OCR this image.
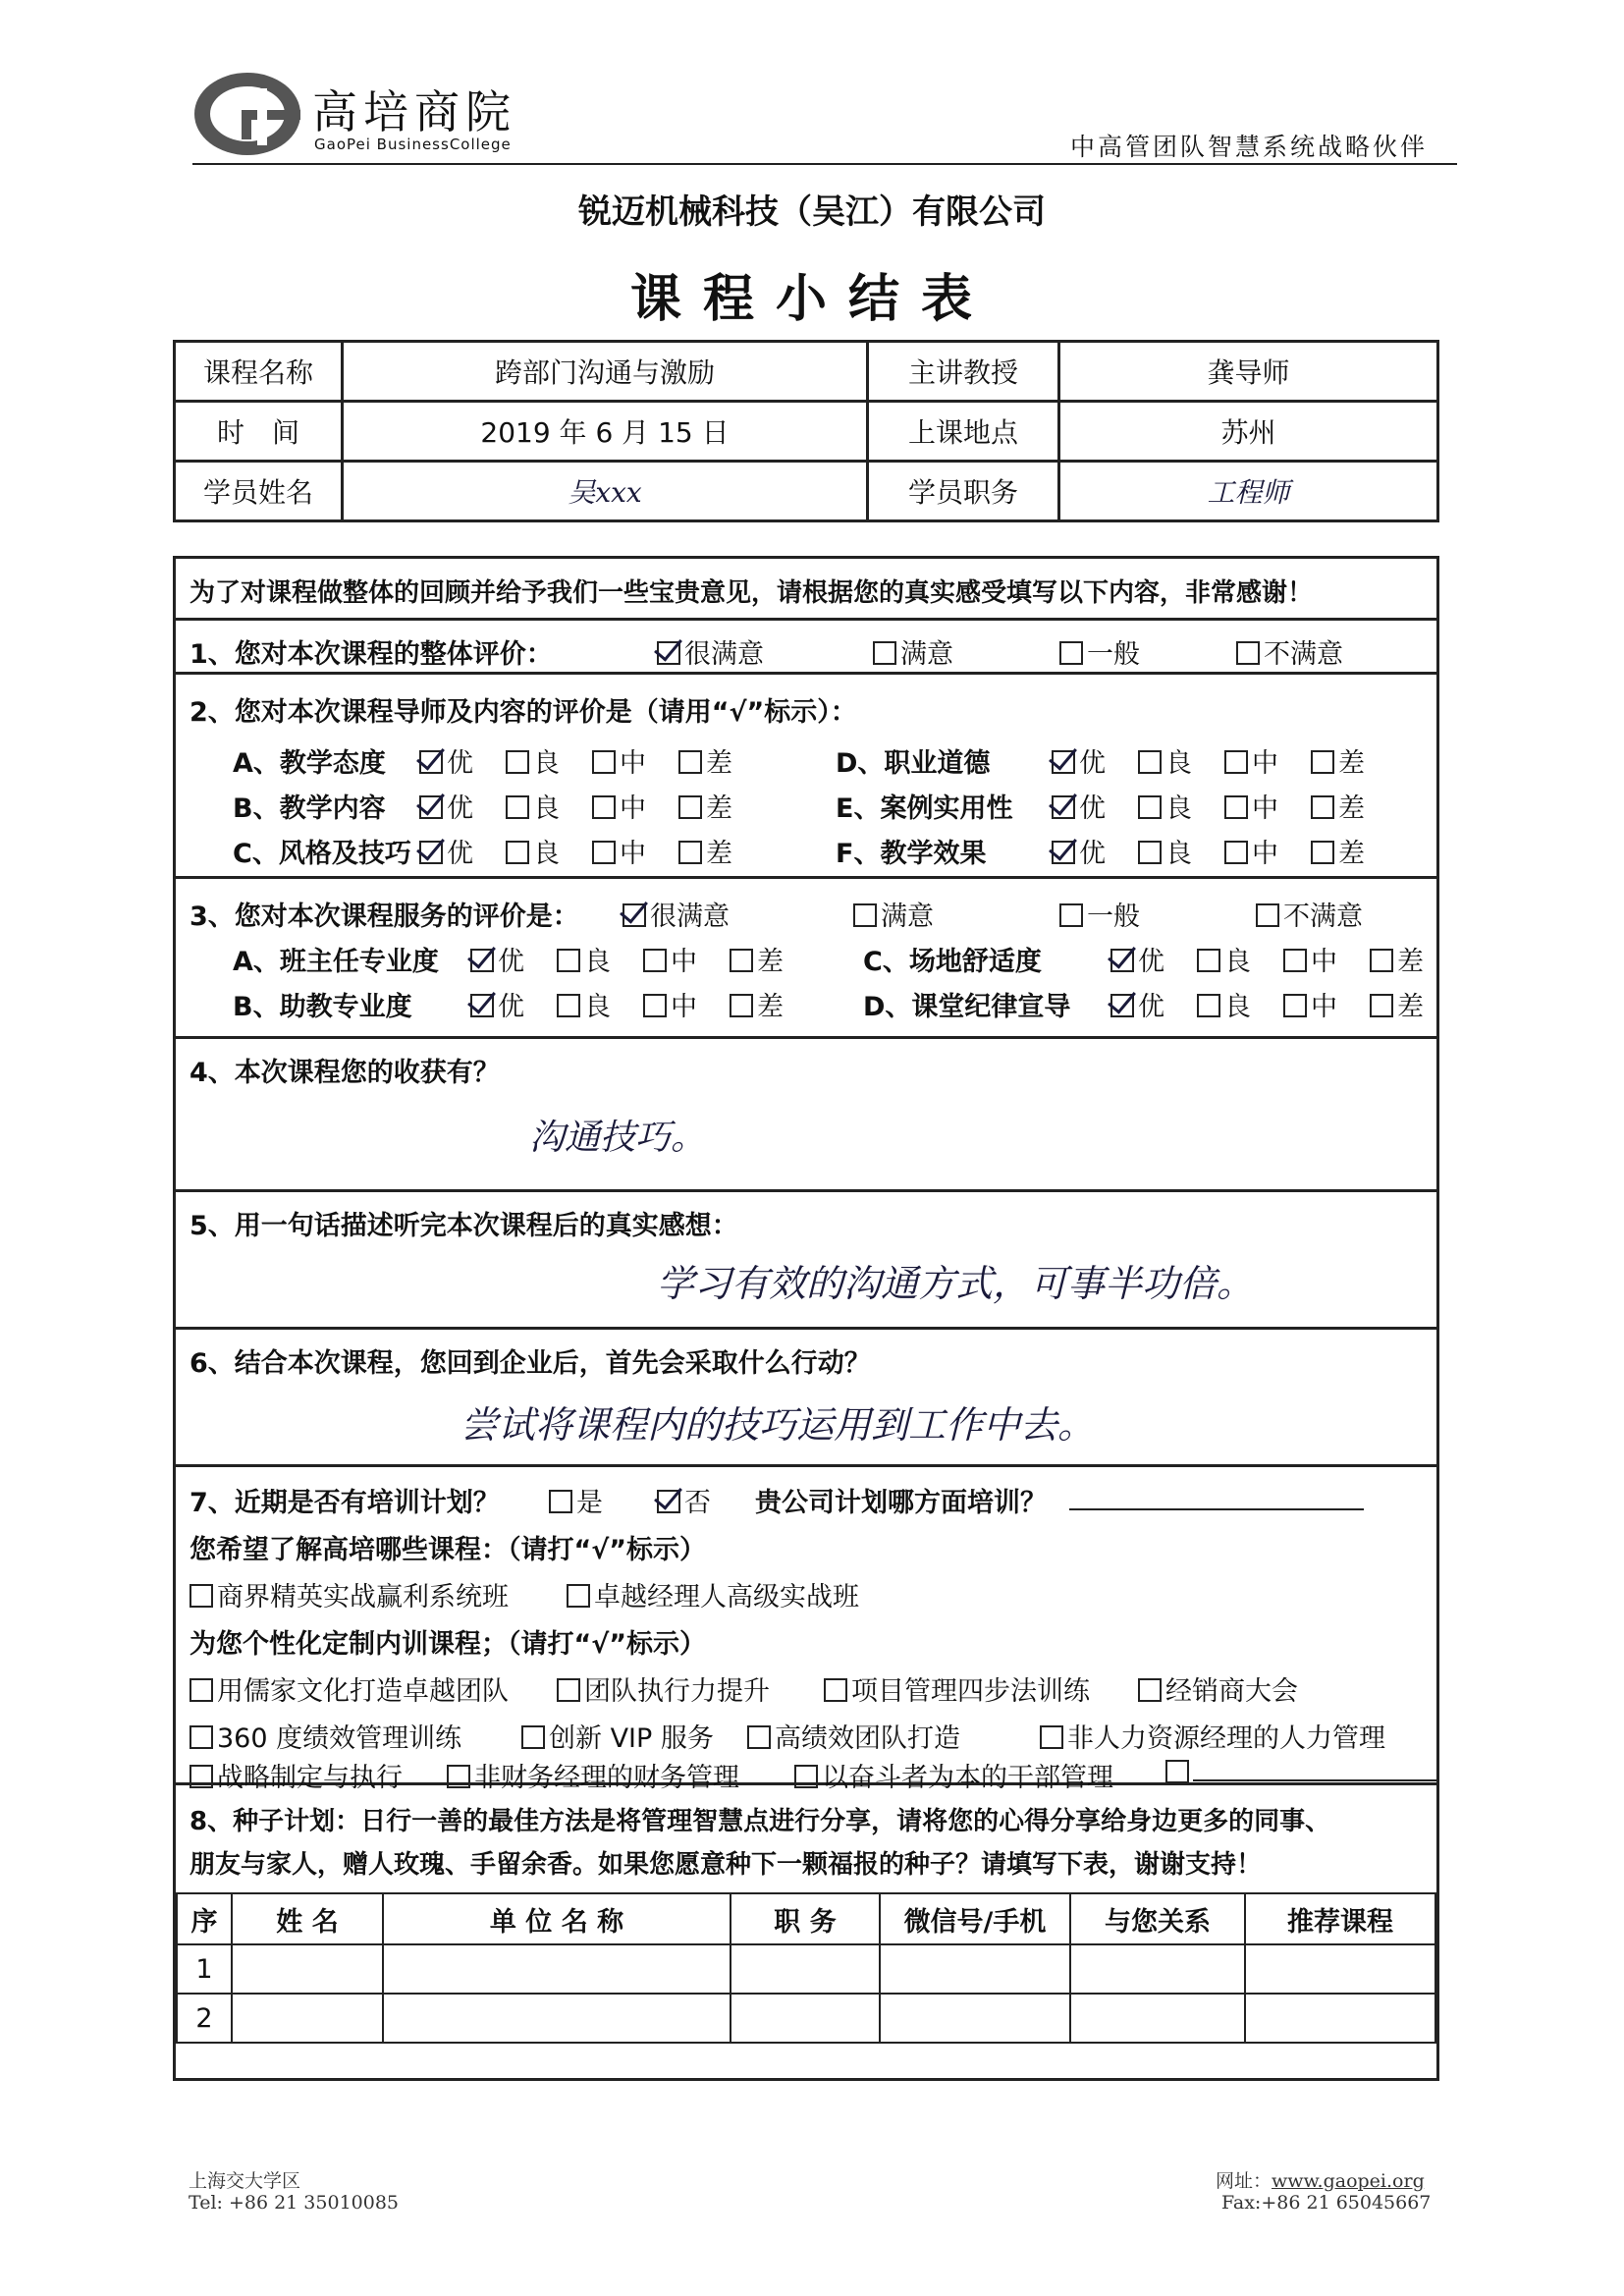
高培商院
GaoPei BusinessCollege	中高管团队智慧系统战略伙伴
锐迈机械科技（吴江）有限公司
课程小结表
课程名称	跨部门沟通与激励	主讲教授	龚导师
时　间	2019 年 6 月 15 日	上课地点	苏州
学员姓名	吴xxx	学员职务	工程师
为了对课程做整体的回顾并给予我们一些宝贵意见，请根据您的真实感受填写以下内容，非常感谢！
1、您对本次课程的整体评价：	很满意	满意	一般	不满意
2、您对本次课程导师及内容的评价是（请用“√”标示）：
A、教学态度	优	良	中	差
B、教学内容	优	良	中	差
C、风格及技巧	优	良	中	差
D、职业道德	优	良	中	差
E、案例实用性	优	良	中	差
F、教学效果	优	良	中	差
3、您对本次课程服务的评价是：	很满意	满意	一般	不满意
A、班主任专业度	优	良	中	差
B、助教专业度	优	良	中	差
C、场地舒适度	优	良	中	差
D、课堂纪律宣导	优	良	中	差
4、本次课程您的收获有？
沟通技巧。
5、用一句话描述听完本次课程后的真实感想：
学习有效的沟通方式，可事半功倍。
6、结合本次课程，您回到企业后，首先会采取什么行动？
尝试将课程内的技巧运用到工作中去。
7、近期是否有培训计划？	是	否 贵公司计划哪方面培训？
您希望了解高培哪些课程：（请打“√”标示）
商界精英实战赢利系统班	卓越经理人高级实战班
为您个性化定制内训课程；（请打“√”标示）
用儒家文化打造卓越团队	团队执行力提升	项目管理四步法训练	经销商大会
360 度绩效管理训练	创新 VIP 服务	高绩效团队打造	非人力资源经理的人力管理
战略制定与执行	非财务经理的财务管理	以奋斗者为本的干部管理
8、种子计划：日行一善的最佳方法是将管理智慧点进行分享，请将您的心得分享给身边更多的同事、
朋友与家人，赠人玫瑰、手留余香。如果您愿意种下一颗福报的种子？请填写下表，谢谢支持！
序	姓 名	单 位 名 称	职 务	微信号/手机	与您关系	推荐课程
1						
2						
上海交大学区
Tel: +86 21 35010085
网址：www.gaopei.org
Fax:+86 21 65045667
